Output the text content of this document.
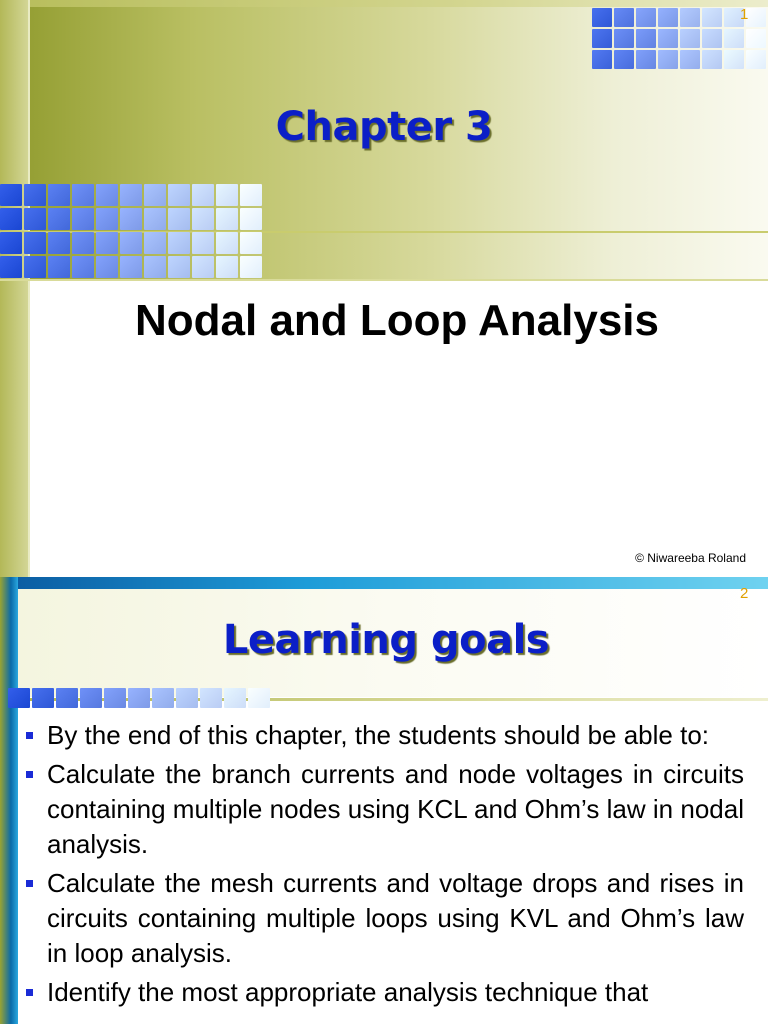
1
Chapter 3
Nodal and Loop Analysis
© Niwareeba Roland
2
Learning goals
By the end of this chapter, the students should be able to:
Calculate the branch currents and node voltages in circuits containing multiple nodes using KCL and Ohm’s law in nodal analysis.
Calculate the mesh currents and voltage drops and rises in circuits containing multiple loops using KVL and Ohm’s law in loop analysis.
Identify the most appropriate analysis technique that
